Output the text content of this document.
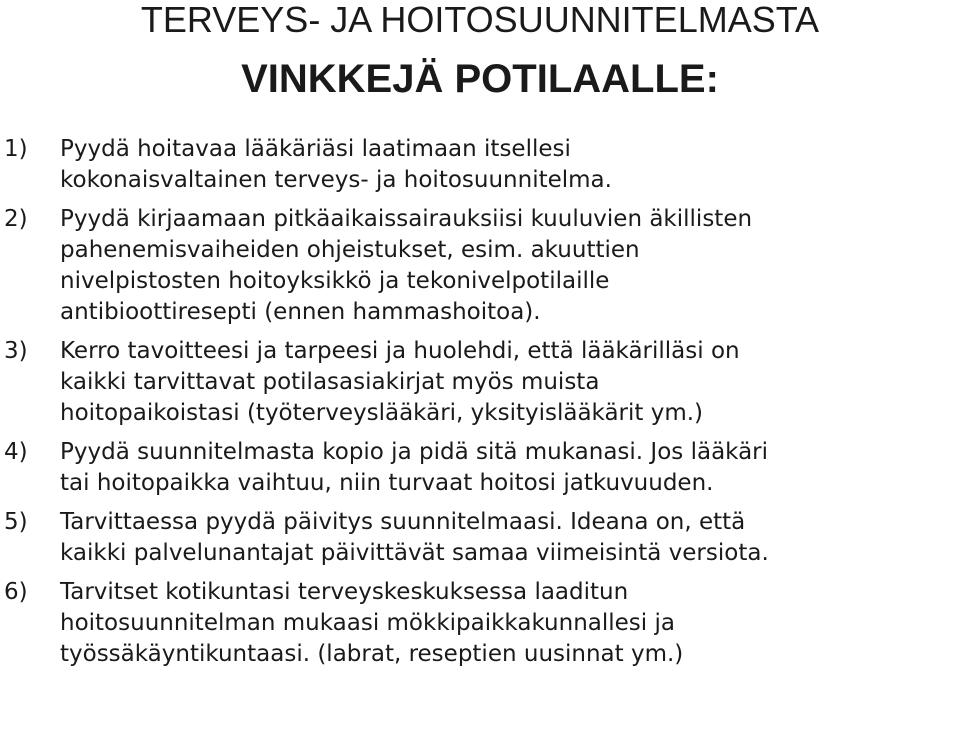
TERVEYS- JA HOITOSUUNNITELMASTA
VINKKEJÄ POTILAALLE:
1) Pyydä hoitavaa lääkäriäsi laatimaan itsellesi
kokonaisvaltainen terveys- ja hoitosuunnitelma.
2) Pyydä kirjaamaan pitkäaikaissairauksiisi kuuluvien äkillisten
pahenemisvaiheiden ohjeistukset, esim. akuuttien
nivelpistosten hoitoyksikkö ja tekonivelpotilaille
antibioottiresepti (ennen hammashoitoa).
3) Kerro tavoitteesi ja tarpeesi ja huolehdi, että lääkärilläsi on
kaikki tarvittavat potilasasiakirjat myös muista
hoitopaikoistasi (työterveyslääkäri, yksityislääkärit ym.)
4) Pyydä suunnitelmasta kopio ja pidä sitä mukanasi. Jos lääkäri
tai hoitopaikka vaihtuu, niin turvaat hoitosi jatkuvuuden.
5) Tarvittaessa pyydä päivitys suunnitelmaasi. Ideana on, että
kaikki palvelunantajat päivittävät samaa viimeisintä versiota.
6) Tarvitset kotikuntasi terveyskeskuksessa laaditun
hoitosuunnitelman mukaasi mökkipaikkakunnallesi ja
työssäkäyntikuntaasi. (labrat, reseptien uusinnat ym.)
